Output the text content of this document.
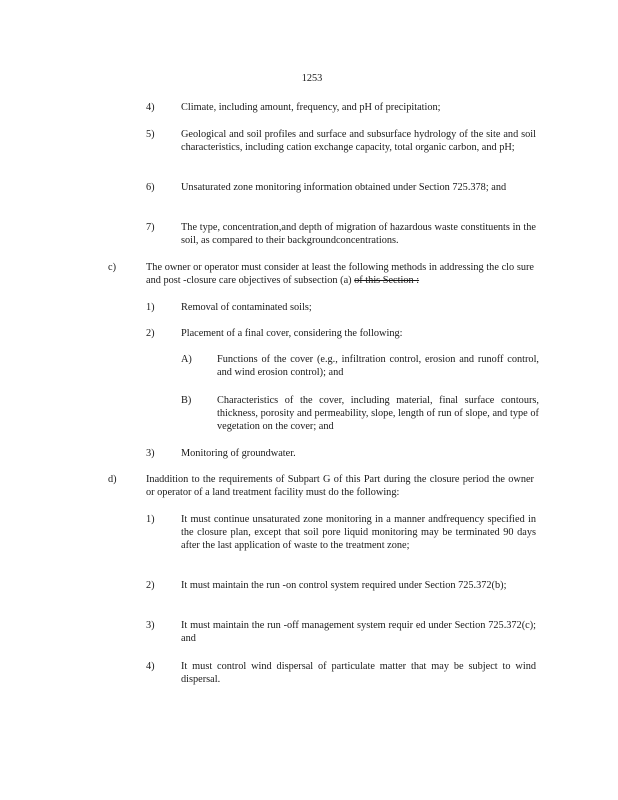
1253
4)	Climate, including amount, frequency, and pH of precipitation;
5)	Geological and soil profiles and surface and subsurface hydrology of the site and soil characteristics, including cation exchange capacity, total organic carbon, and pH;
6)	Unsaturated zone monitoring information obtained under Section 725.378; and
7)	The type, concentration,and depth of migration of hazardous waste constituents in the soil, as compared to their backgroundconcentrations.
c)	The owner or operator must consider at least the following methods in addressing the clo sure and post -closure care objectives of subsection (a) of this Section :
1)	Removal of contaminated soils;
2)	Placement of a final cover, considering the following:
A) Functions of the cover (e.g., infiltration control, erosion and runoff control, and wind erosion control); and
B) Characteristics of the cover, including material, final surface contours, thickness, porosity and permeability, slope, length of run of slope, and type of vegetation on the cover; and
3)	Monitoring of groundwater.
d)	Inaddition to the requirements of Subpart G of this Part during the closure period the owner or operator of a land treatment facility must do the following:
1)	It must continue unsaturated zone monitoring in a manner andfrequency specified in the closure plan, except that soil pore liquid monitoring may be terminated 90 days after the last application of waste to the treatment zone;
2)	It must maintain the run -on control system required under Section 725.372(b);
3)	It must maintain the run -off management system requir ed under Section 725.372(c); and
4)	It must control wind dispersal of particulate matter that may be subject to wind dispersal.
